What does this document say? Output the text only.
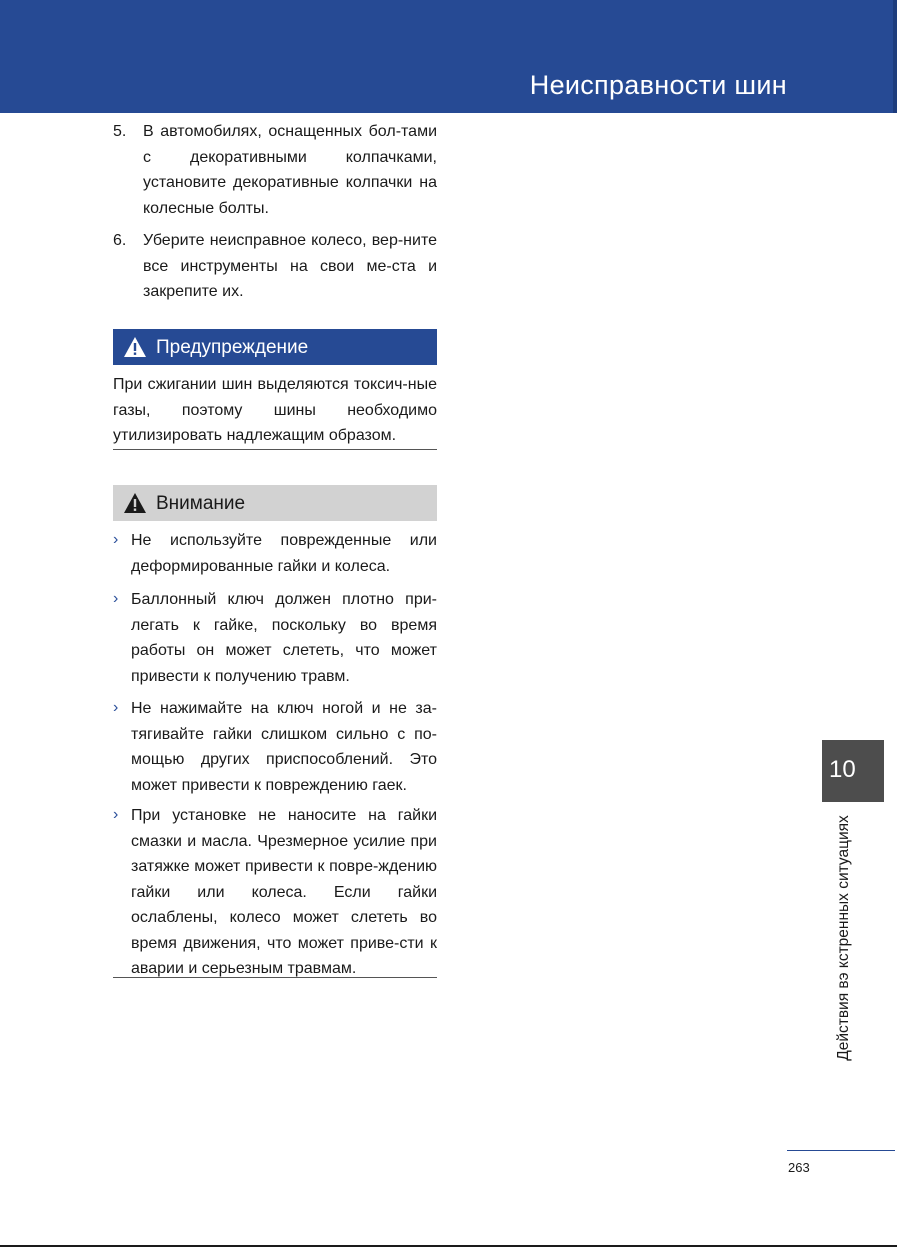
Неисправности шин
5. В автомобилях, оснащенных бол-тами с декоративными колпачками, установите декоративные колпачки на колесные болты.
6. Уберите неисправное колесо, вер-ните все инструменты на свои ме-ста и закрепите их.
Предупреждение
При сжигании шин выделяются токсич-ные газы, поэтому шины необходимо утилизировать надлежащим образом.
Внимание
› Не используйте поврежденные или деформированные гайки и колеса.
› Баллонный ключ должен плотно при-легать к гайке, поскольку во время работы он может слететь, что может привести к получению травм.
› Не нажимайте на ключ ногой и не за-тягивайте гайки слишком сильно с по-мощью других приспособлений. Это может привести к повреждению гаек.
› При установке не наносите на гайки смазки и масла. Чрезмерное усилие при затяжке может привести к повре-ждению гайки или колеса. Если гайки ослаблены, колесо может слететь во время движения, что может приве-сти к аварии и серьезным травмам.
10
Действия вэ кстренных ситуациях
263
